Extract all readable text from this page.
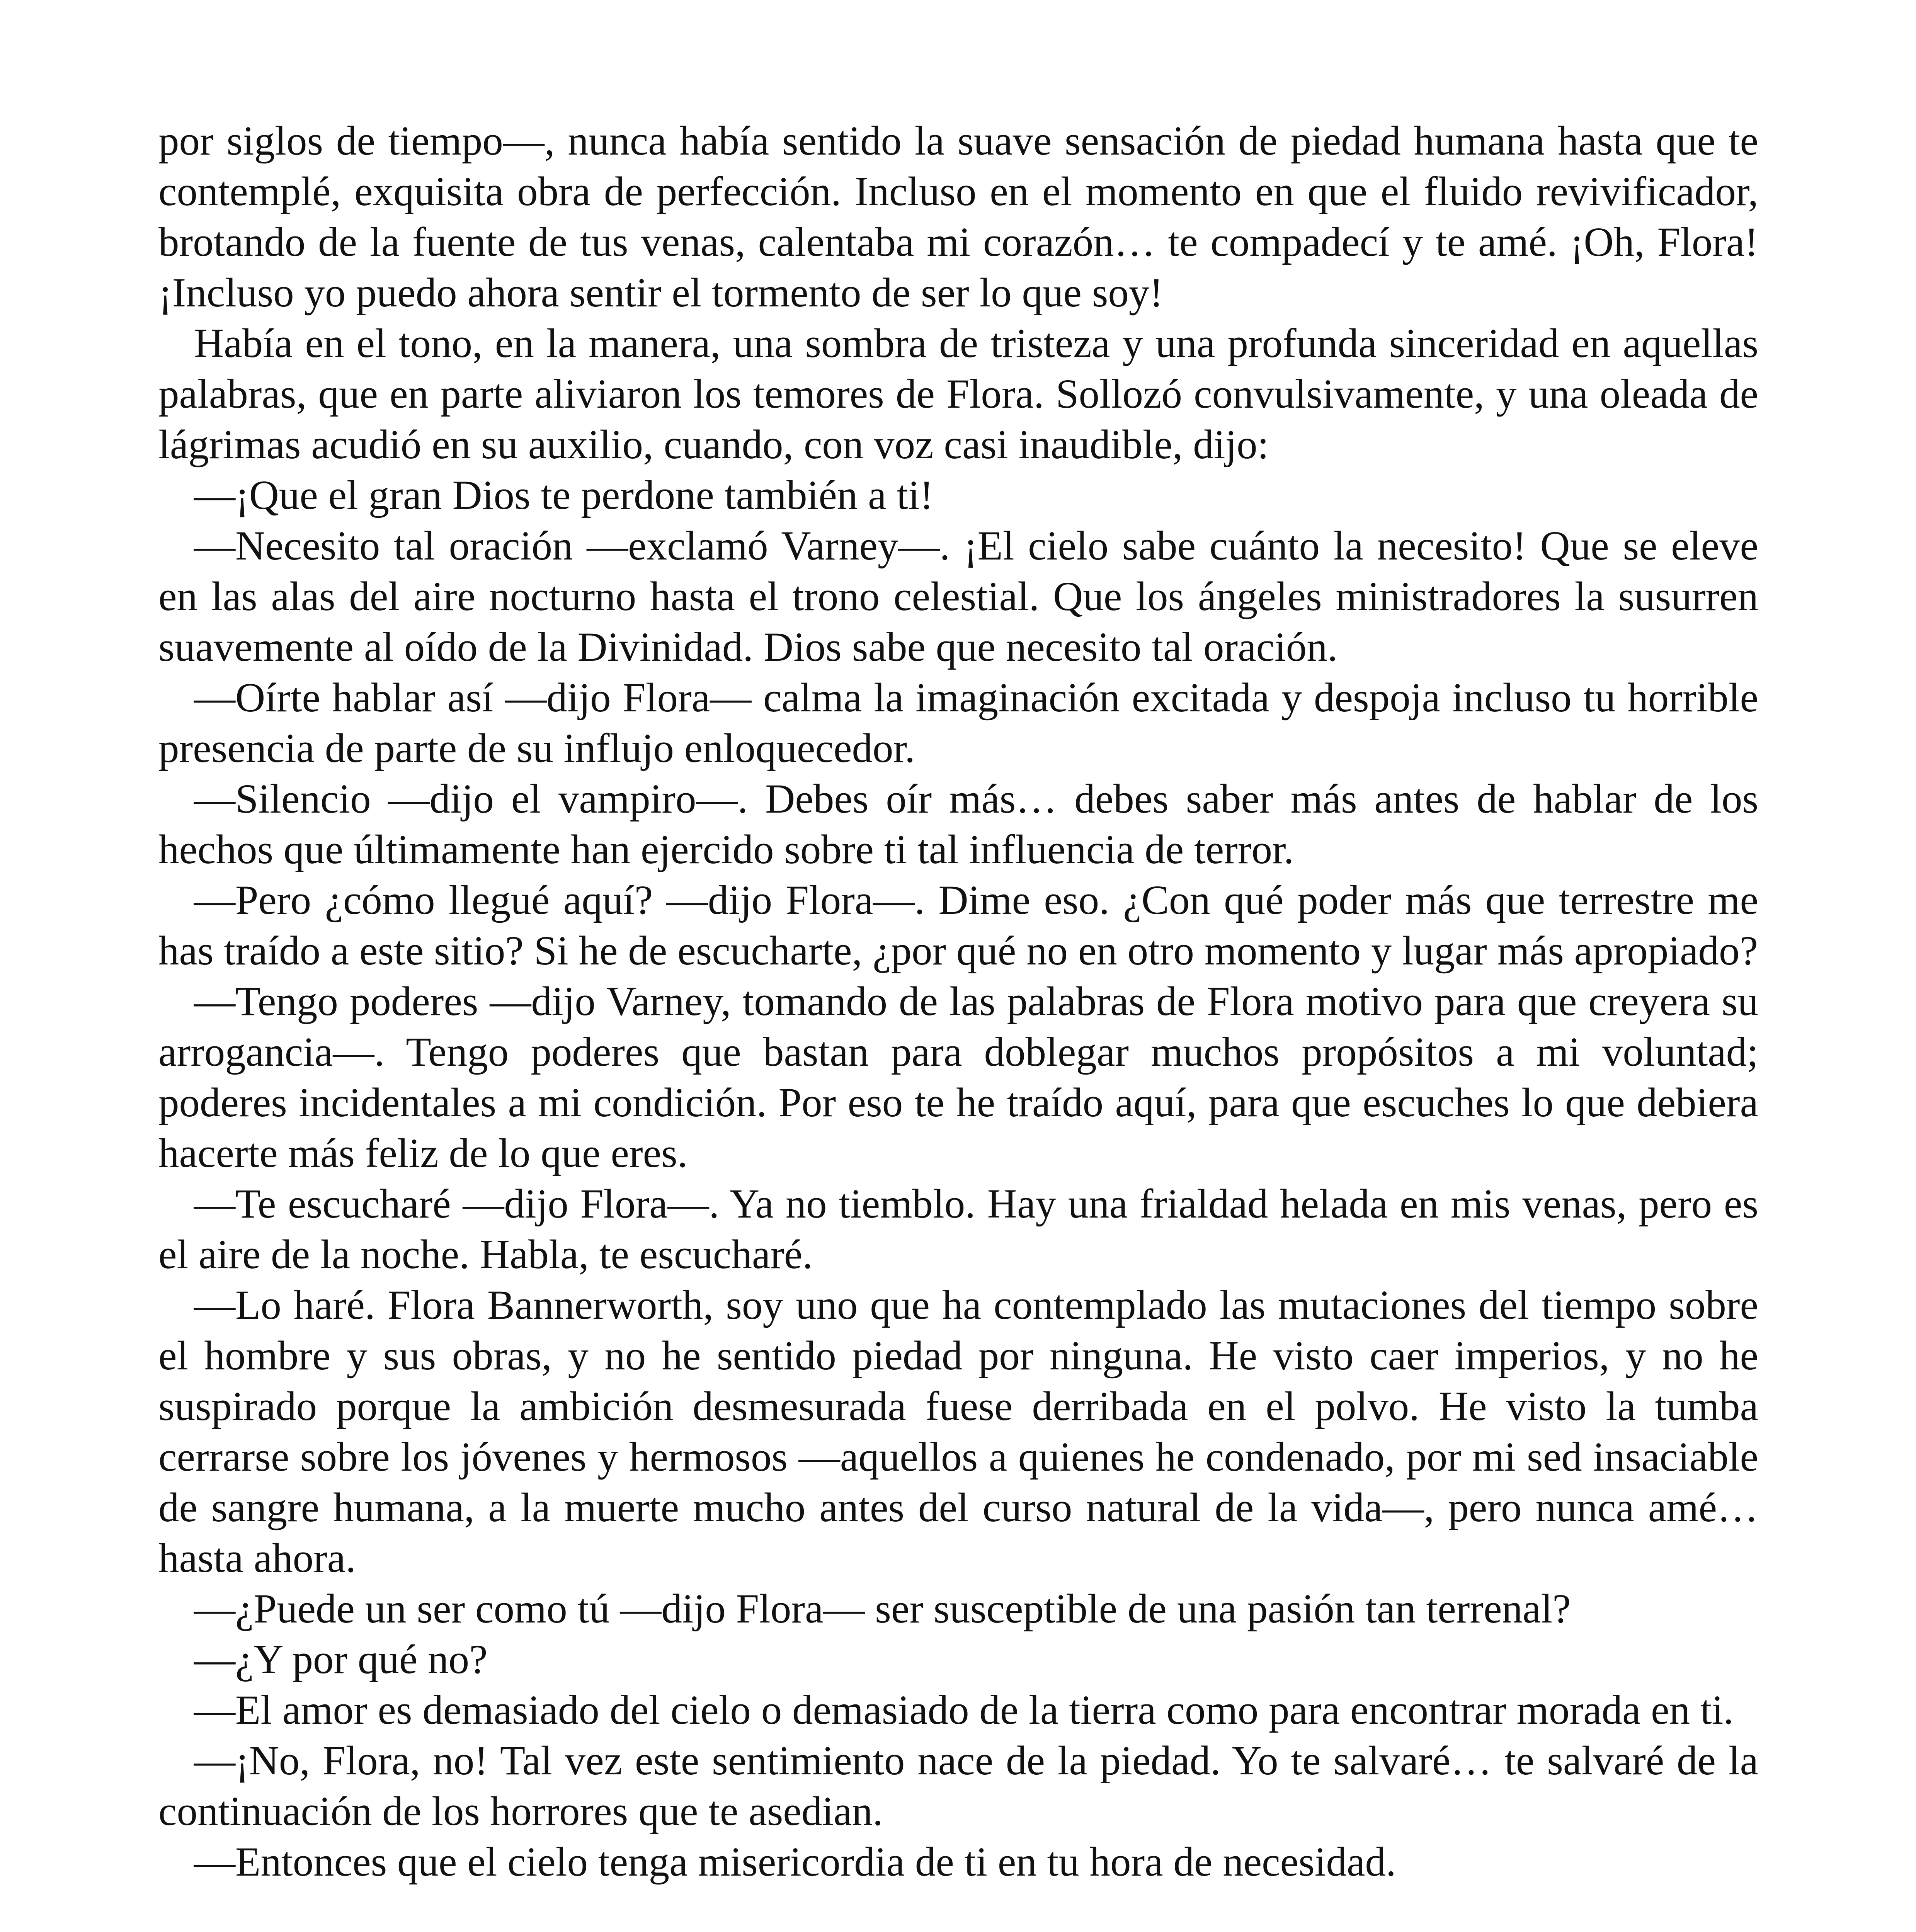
por siglos de tiempo—, nunca había sentido la suave sensación de piedad humana hasta que te contemplé, exquisita obra de perfección. Incluso en el momento en que el fluido revivificador, brotando de la fuente de tus venas, calentaba mi corazón… te compadecí y te amé. ¡Oh, Flora! ¡Incluso yo puedo ahora sentir el tormento de ser lo que soy!

Había en el tono, en la manera, una sombra de tristeza y una profunda sinceridad en aquellas palabras, que en parte aliviaron los temores de Flora. Sollozó convulsivamente, y una oleada de lágrimas acudió en su auxilio, cuando, con voz casi inaudible, dijo:

—¡Que el gran Dios te perdone también a ti!

—Necesito tal oración —exclamó Varney—. ¡El cielo sabe cuánto la necesito! Que se eleve en las alas del aire nocturno hasta el trono celestial. Que los ángeles ministradores la susurren suavemente al oído de la Divinidad. Dios sabe que necesito tal oración.

—Oírte hablar así —dijo Flora— calma la imaginación excitada y despoja incluso tu horrible presencia de parte de su influjo enloquecedor.

—Silencio —dijo el vampiro—. Debes oír más… debes saber más antes de hablar de los hechos que últimamente han ejercido sobre ti tal influencia de terror.

—Pero ¿cómo llegué aquí? —dijo Flora—. Dime eso. ¿Con qué poder más que terrestre me has traído a este sitio? Si he de escucharte, ¿por qué no en otro momento y lugar más apropiado?

—Tengo poderes —dijo Varney, tomando de las palabras de Flora motivo para que creyera su arrogancia—. Tengo poderes que bastan para doblegar muchos propósitos a mi voluntad; poderes incidentales a mi condición. Por eso te he traído aquí, para que escuches lo que debiera hacerte más feliz de lo que eres.

—Te escucharé —dijo Flora—. Ya no tiemblo. Hay una frialdad helada en mis venas, pero es el aire de la noche. Habla, te escucharé.

—Lo haré. Flora Bannerworth, soy uno que ha contemplado las mutaciones del tiempo sobre el hombre y sus obras, y no he sentido piedad por ninguna. He visto caer imperios, y no he suspirado porque la ambición desmesurada fuese derribada en el polvo. He visto la tumba cerrarse sobre los jóvenes y hermosos —aquellos a quienes he condenado, por mi sed insaciable de sangre humana, a la muerte mucho antes del curso natural de la vida—, pero nunca amé… hasta ahora.

—¿Puede un ser como tú —dijo Flora— ser susceptible de una pasión tan terrenal?

—¿Y por qué no?

—El amor es demasiado del cielo o demasiado de la tierra como para encontrar morada en ti.

—¡No, Flora, no! Tal vez este sentimiento nace de la piedad. Yo te salvaré… te salvaré de la continuación de los horrores que te asedian.

—Entonces que el cielo tenga misericordia de ti en tu hora de necesidad.
